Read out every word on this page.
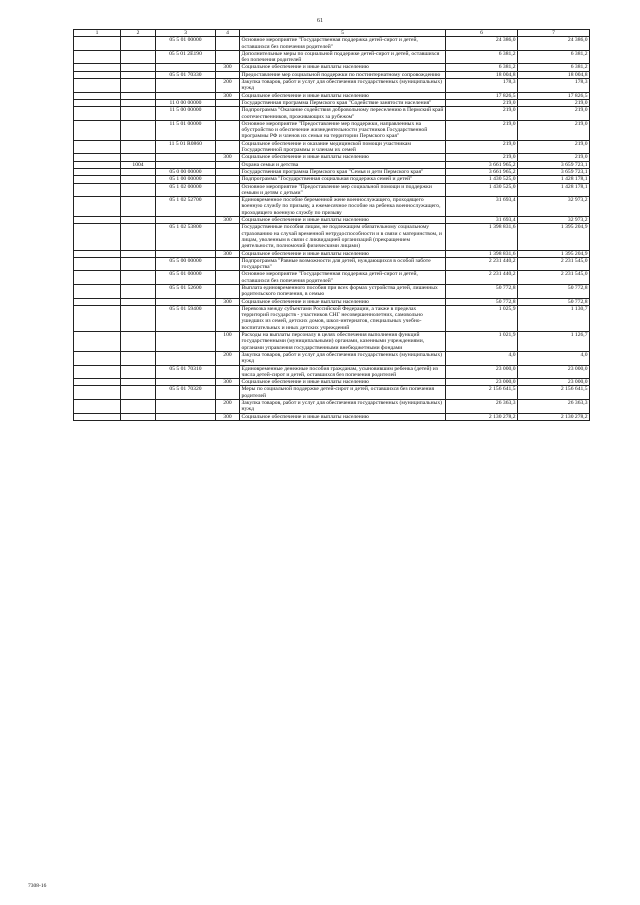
61
1	2	3	4	5	6	7
		05 5 01 00000		Основное мероприятие "Государственная поддержка детей-сирот и детей, оставшихся без попечения родителей"	24 386,0	24 386,0
		05 5 01 2Е190		Дополнительные меры по социальной поддержке детей-сирот и детей, оставшихся без попечения родителей	6 381,2	6 381,2
			300	Социальное обеспечение и иные выплаты населению	6 381,2	6 381,2
		05 5 01 70330		Предоставление мер социальной поддержки по постинтернатному сопровождению	18 004,8	18 004,8
			200	Закупка товаров, работ и услуг для обеспечения государственных (муниципальных) нужд	178,3	178,3
			300	Социальное обеспечение и иные выплаты населению	17 826,5	17 826,5
		11 0 00 00000		Государственная программа Пермского края "Содействие занятости населения"	219,0	219,0
		11 5 00 00000		Подпрограмма "Оказание содействия добровольному переселению в Пермский край соотечественников, проживающих за рубежом"	219,0	219,0
		11 5 01 00000		Основное мероприятие "Предоставление мер поддержки, направленных на обустройство и обеспечение жизнедеятельности участников Государственной программы РФ и членов их семьи на территории Пермского края"	219,0	219,0
		11 5 01 R0860		Социальное обеспечение и оказание медицинской помощи участникам Государственной программы и членам их семей	219,0	219,0
			300	Социальное обеспечение и иные выплаты населению	219,0	219,0
	1004			Охрана семьи и детства	3 661 965,2	3 659 723,1
		05 0 00 00000		Государственная программа Пермского края "Семья и дети Пермского края"	3 661 965,2	3 659 723,1
		05 1 00 00000		Подпрограмма "Государственная социальная поддержка семей и детей"	1 430 525,0	1 428 178,1
		05 1 02 00000		Основное мероприятие "Предоставление мер социальной помощи и поддержки семьям и детям с детьми"	1 430 525,0	1 428 178,1
		05 1 02 52700		Единовременное пособие беременной жене военнослужащего, проходящего военную службу по призыву, а ежемесячное пособие на ребенка военнослужащего, проходящего военную службу по призыву	31 693,4	32 973,2
			300	Социальное обеспечение и иные выплаты населению	31 693,4	32 973,2
		05 1 02 53800		Государственные пособия лицам, не подлежащим обязательному социальному страхованию на случай временной нетрудоспособности и в связи с материнством, и лицам, уволенным в связи с ликвидацией организаций (прекращением деятельности, полномочий физическими лицами)	1 398 831,6	1 395 204,9
			300	Социальное обеспечение и иные выплаты населению	1 398 831,6	1 395 204,9
		05 5 00 00000		Подпрограмма "Равные возможности для детей, нуждающихся в особой заботе государства"	2 231 440,2	2 231 545,0
		05 5 01 00000		Основное мероприятие "Государственная поддержка детей-сирот и детей, оставшихся без попечения родителей"	2 231 440,2	2 231 545,0
		05 5 01 52600		Выплата единовременного пособия при всех формах устройства детей, лишенных родительского попечения, в семью	50 772,8	50 772,8
			300	Социальное обеспечение и иные выплаты населению	50 772,8	50 772,8
		05 5 01 59400		Перевозка между субъектами Российской Федерации, а также в пределах территорий государств - участников СНГ несовершеннолетних, самовольно ушедших из семей, детских домов, школ-интернатов, специальных учебно-воспитательных и иных детских учреждений	1 025,9	1 130,7
			100	Расходы на выплаты персоналу в целях обеспечения выполнения функций государственными (муниципальными) органами, казенными учреждениями, органами управления государственными внебюджетными фондами	1 021,9	1 126,7
			200	Закупка товаров, работ и услуг для обеспечения государственных (муниципальных) нужд	4,0	4,0
		05 5 01 70310		Единовременные денежные пособия гражданам, усыновившим ребенка (детей) из числа детей-сирот и детей, оставшихся без попечения родителей	23 000,0	23 000,0
			300	Социальное обеспечение и иные выплаты населению	23 000,0	23 000,0
		05 5 01 70320		Меры по социальной поддержке детей-сирот и детей, оставшихся без попечения родителей	2 156 641,5	2 156 641,5
			200	Закупка товаров, работ и услуг для обеспечения государственных (муниципальных) нужд	26 363,3	26 363,3
			300	Социальное обеспечение и иные выплаты населению	2 130 278,2	2 130 278,2
7308-16
